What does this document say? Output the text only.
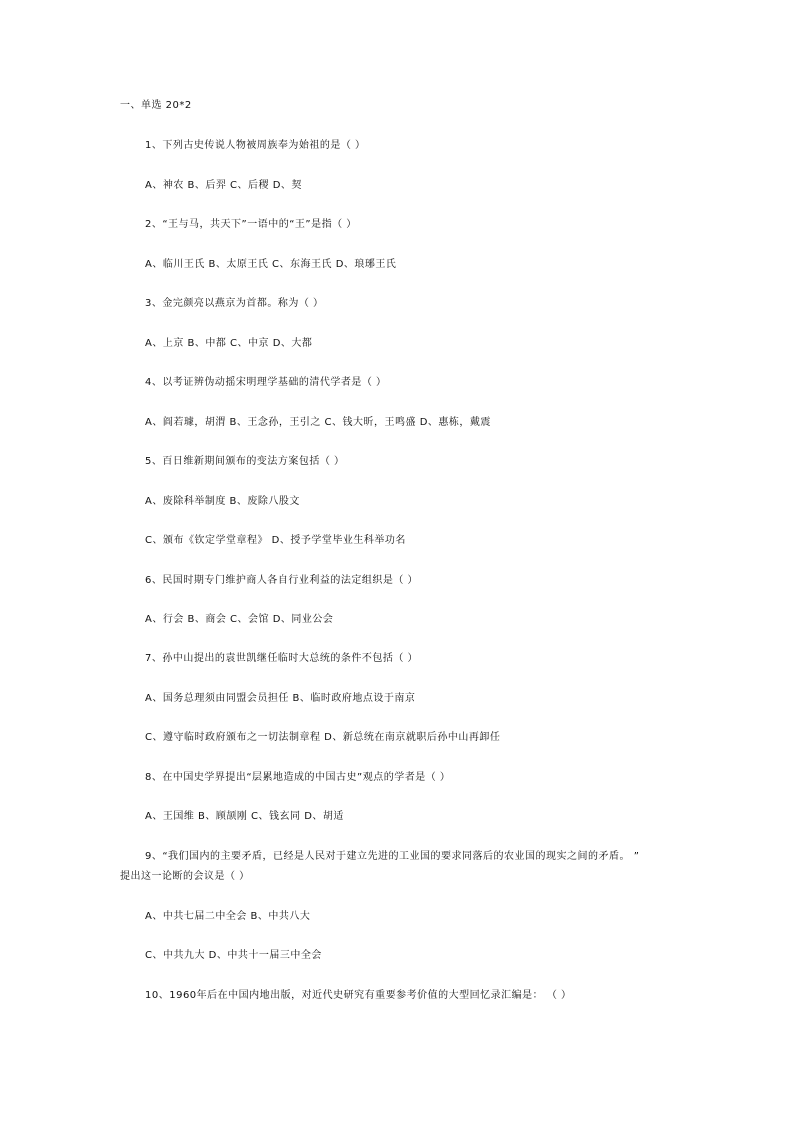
一、单选 20*2
1、下列古史传说人物被周族奉为始祖的是（ ）
A、神农 B、后羿 C、后稷 D、契
2、“王与马，共天下”一语中的“王”是指（ ）
A、临川王氏 B、太原王氏 C、东海王氏 D、琅琊王氏
3、金完颜亮以燕京为首都。称为（ ）
A、上京 B、中都 C、中京 D、大都
4、以考证辨伪动摇宋明理学基础的清代学者是（ ）
A、阎若璩，胡渭 B、王念孙，王引之 C、钱大昕，王鸣盛 D、惠栋，戴震
5、百日维新期间颁布的变法方案包括（ ）
A、废除科举制度 B、废除八股文
C、颁布《钦定学堂章程》 D、授予学堂毕业生科举功名
6、民国时期专门维护商人各自行业利益的法定组织是（ ）
A、行会 B、商会 C、会馆 D、同业公会
7、孙中山提出的袁世凯继任临时大总统的条件不包括（ ）
A、国务总理须由同盟会员担任 B、临时政府地点设于南京
C、遵守临时政府颁布之一切法制章程 D、新总统在南京就职后孙中山再卸任
8、在中国史学界提出“层累地造成的中国古史”观点的学者是（ ）
A、王国维 B、顾颉刚 C、钱玄同 D、胡适
9、“我们国内的主要矛盾，已经是人民对于建立先进的工业国的要求同落后的农业国的现实之间的矛盾。 ”
提出这一论断的会议是（ ）
A、中共七届二中全会 B、中共八大
C、中共九大 D、中共十一届三中全会
10、1960年后在中国内地出版，对近代史研究有重要参考价值的大型回忆录汇编是： （ ）
